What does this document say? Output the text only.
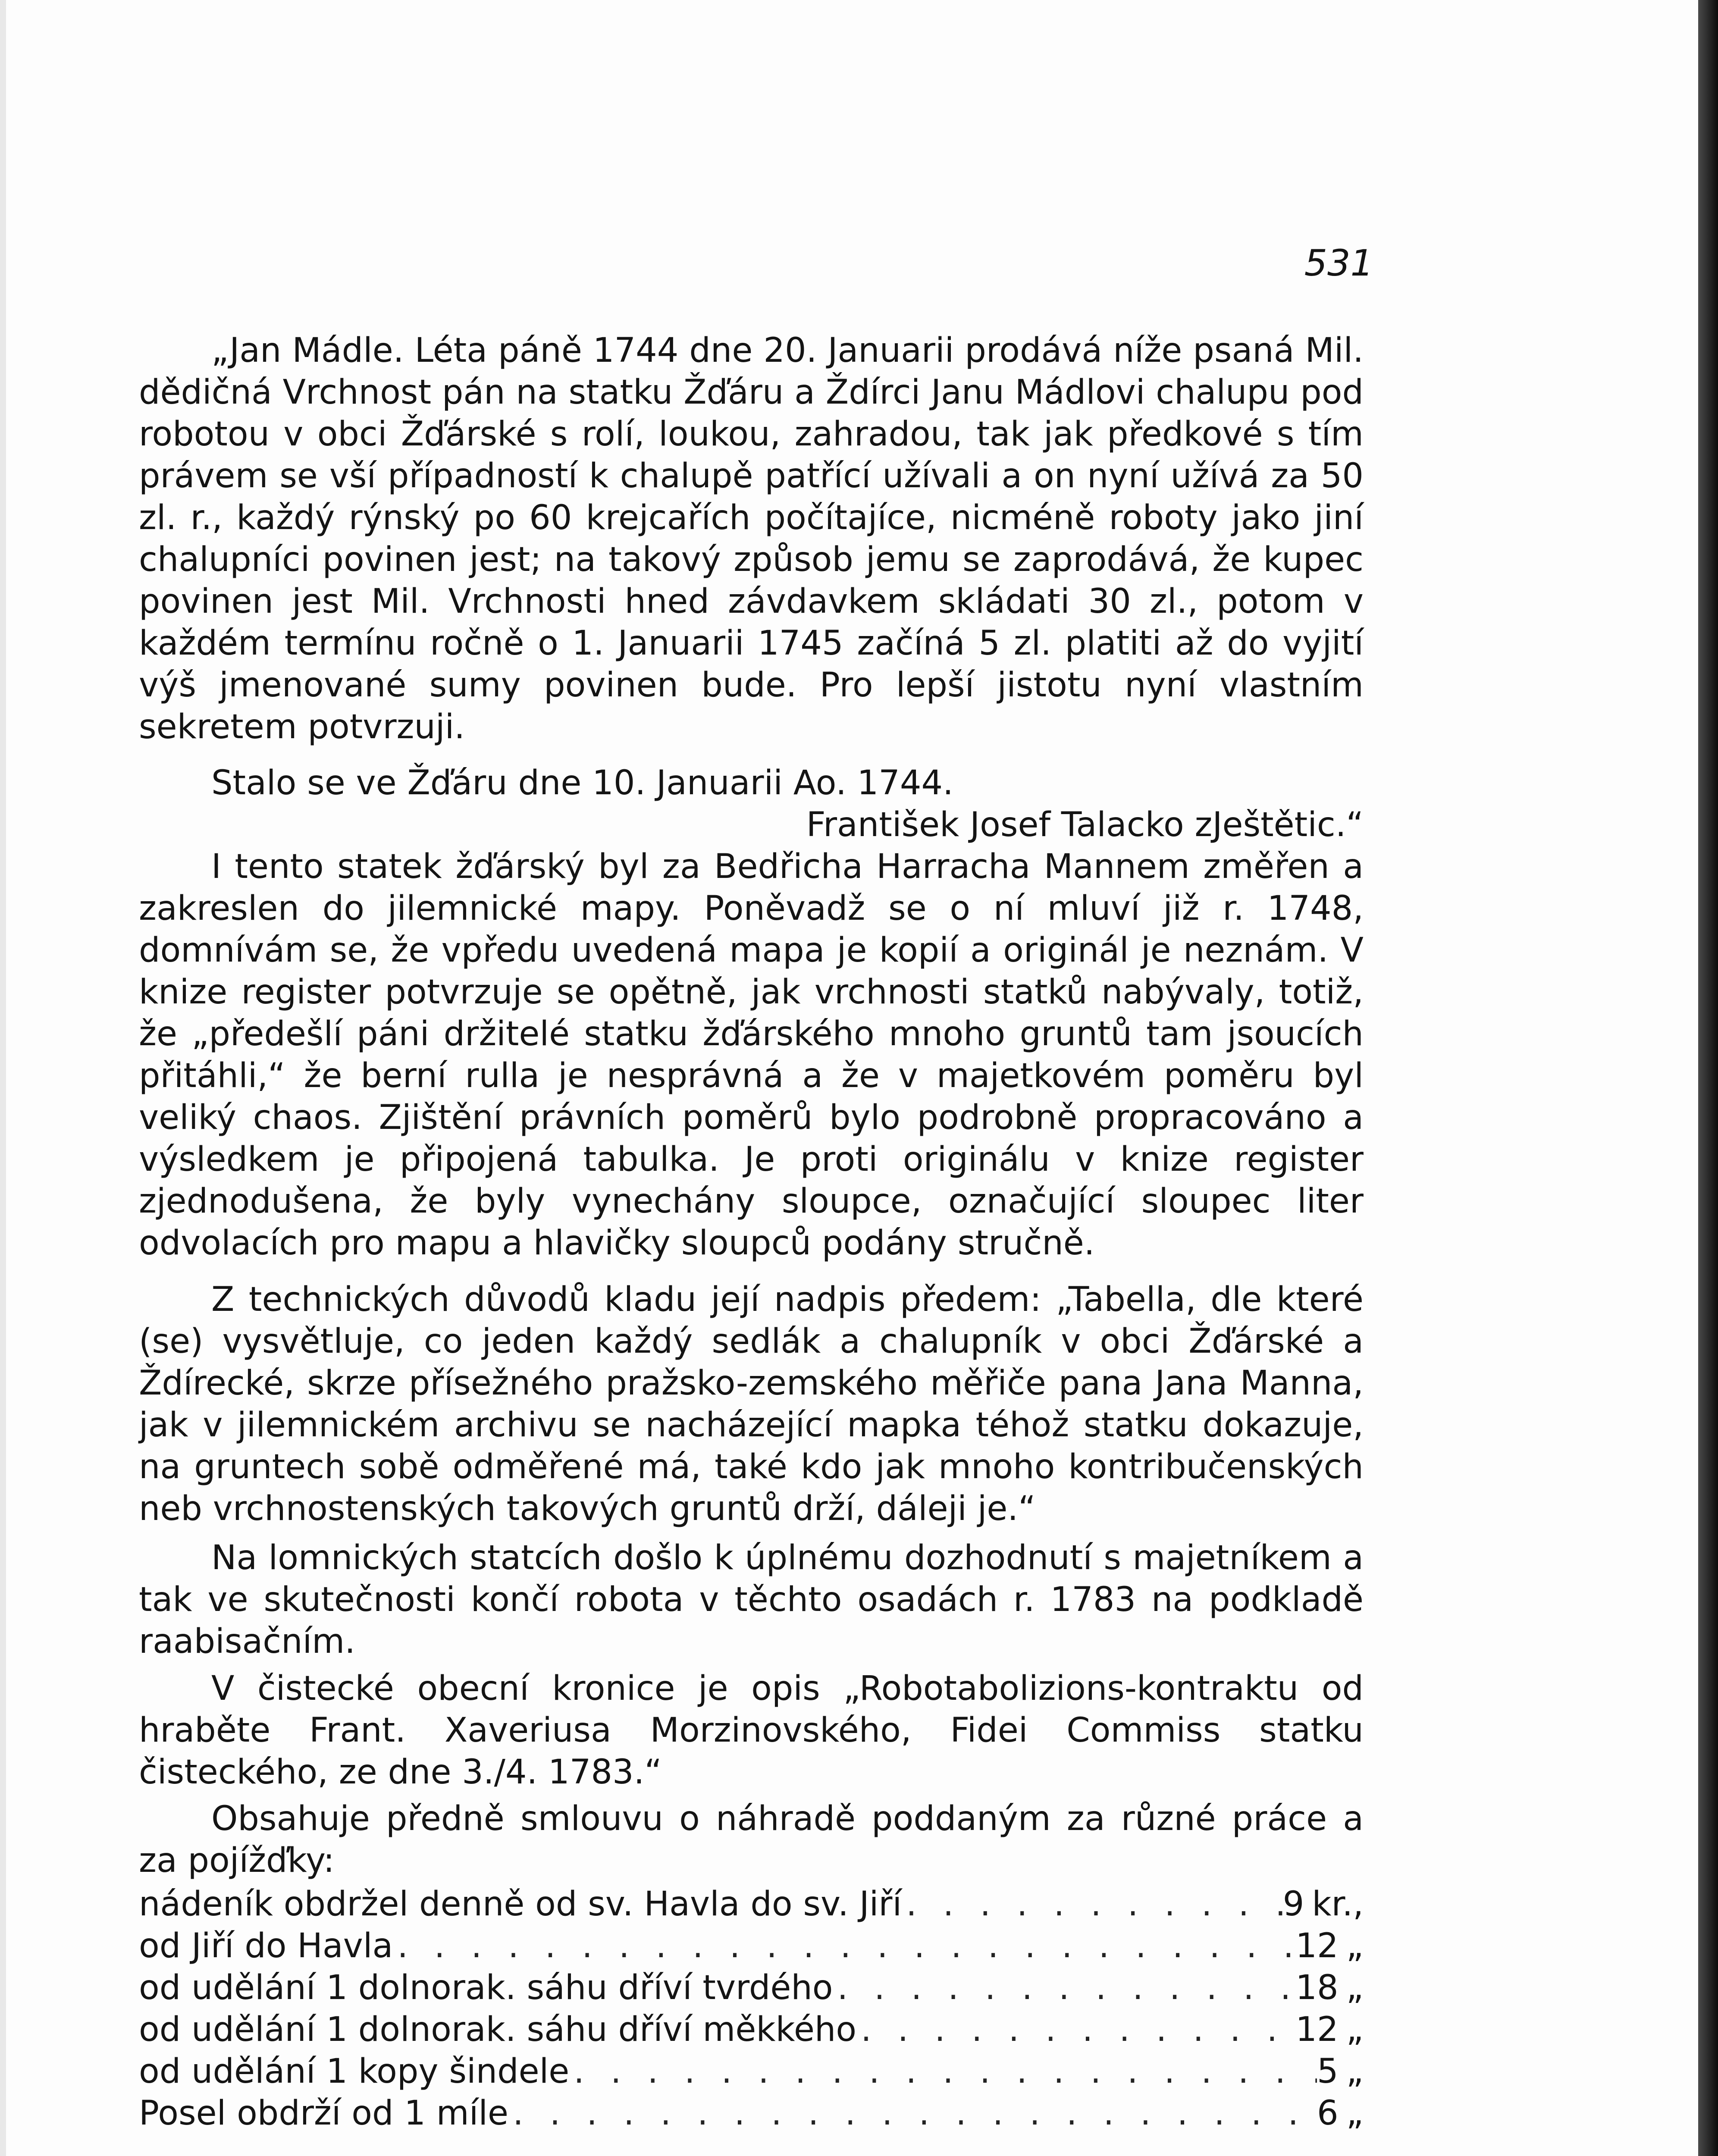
531

„Jan Mádle. Léta páně 1744 dne 20. Januarii prodává níže psaná Mil. dědičná Vrchnost pán na statku Žďáru a Ždírci Janu Mádlovi chalupu pod robotou v obci Žďárské s rolí, loukou, zahradou, tak jak předkové s tím právem se vší případností k chalupě patřící užívali a on nyní užívá za 50 zl. r., každý rýnský po 60 krejcařích počítajíce, nicméně roboty jako jiní chalupníci povinen jest; na takový způsob jemu se zaprodává, že kupec povinen jest Mil. Vrchnosti hned závdavkem skládati 30 zl., potom v každém termínu ročně o 1. Januarii 1745 začíná 5 zl. platiti až do vyjití výš jmenované sumy povinen bude. Pro lepší jistotu nyní vlastním sekretem potvrzuji.

Stalo se ve Žďáru dne 10. Januarii Ao. 1744.

František Josef Talacko zJeštětic.“

I tento statek žďárský byl za Bedřicha Harracha Mannem změřen a zakreslen do jilemnické mapy. Poněvadž se o ní mluví již r. 1748, domnívám se, že vpředu uvedená mapa je kopií a originál je neznám. V knize register potvrzuje se opětně, jak vrchnosti statků nabývaly, totiž, že „předešlí páni držitelé statku žďárského mnoho gruntů tam jsoucích přitáhli,“ že berní rulla je nesprávná a že v majetkovém poměru byl veliký chaos. Zjištění právních poměrů bylo podrobně propracováno a výsledkem je připojená tabulka. Je proti originálu v knize register zjednodušena, že byly vynechány sloupce, označující sloupec liter odvolacích pro mapu a hlavičky sloupců podány stručně.

Z technických důvodů kladu její nadpis předem: „Tabella, dle které (se) vysvětluje, co jeden každý sedlák a chalupník v obci Žďárské a Ždírecké, skrze přísežného pražsko-zemského měřiče pana Jana Manna, jak v jilemnickém archivu se nacházející mapka téhož statku dokazuje, na gruntech sobě odměřené má, také kdo jak mnoho kontribučenských neb vrchnostenských takových gruntů drží, dáleji je.“

Na lomnických statcích došlo k úplnému dozhodnutí s majetníkem a tak ve skutečnosti končí robota v těchto osadách r. 1783 na podkladě raabisačním.

V čistecké obecní kronice je opis „Robotabolizions-kontraktu od hraběte Frant. Xaveriusa Morzinovského, Fidei Commiss statku čisteckého, ze dne 3./4. 1783.“

Obsahuje předně smlouvu o náhradě poddaným za různé práce a za pojížďky:

nádeník obdržel denně od sv. Havla do sv. Jiří . . .	9 kr.,
od Jiří do Havla . . .	12 „
od udělání 1 dolnorak. sáhu dříví tvrdého . . .	18 „
od udělání 1 dolnorak. sáhu dříví měkkého . . .	12 „
od udělání 1 kopy šindele . . .	5 „
Posel obdrží od 1 míle . . .	6 „
